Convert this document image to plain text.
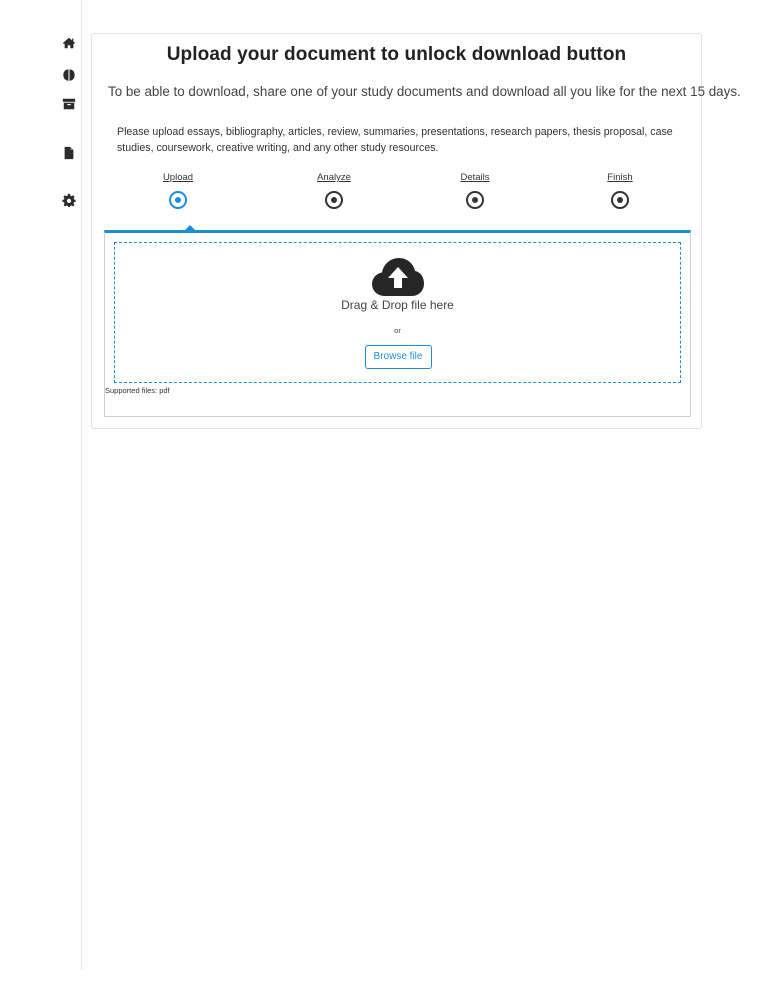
Upload your document to unlock download button

To be able to download, share one of your study documents and download all you like for the next 15 days.

Please upload essays, bibliography, articles, review, summaries, presentations, research papers, thesis proposal, case studies, coursework, creative writing, and any other study resources.

Upload	Analyze	Details	Finish
Drag & Drop file here
or
Browse file
Supported files: pdf
